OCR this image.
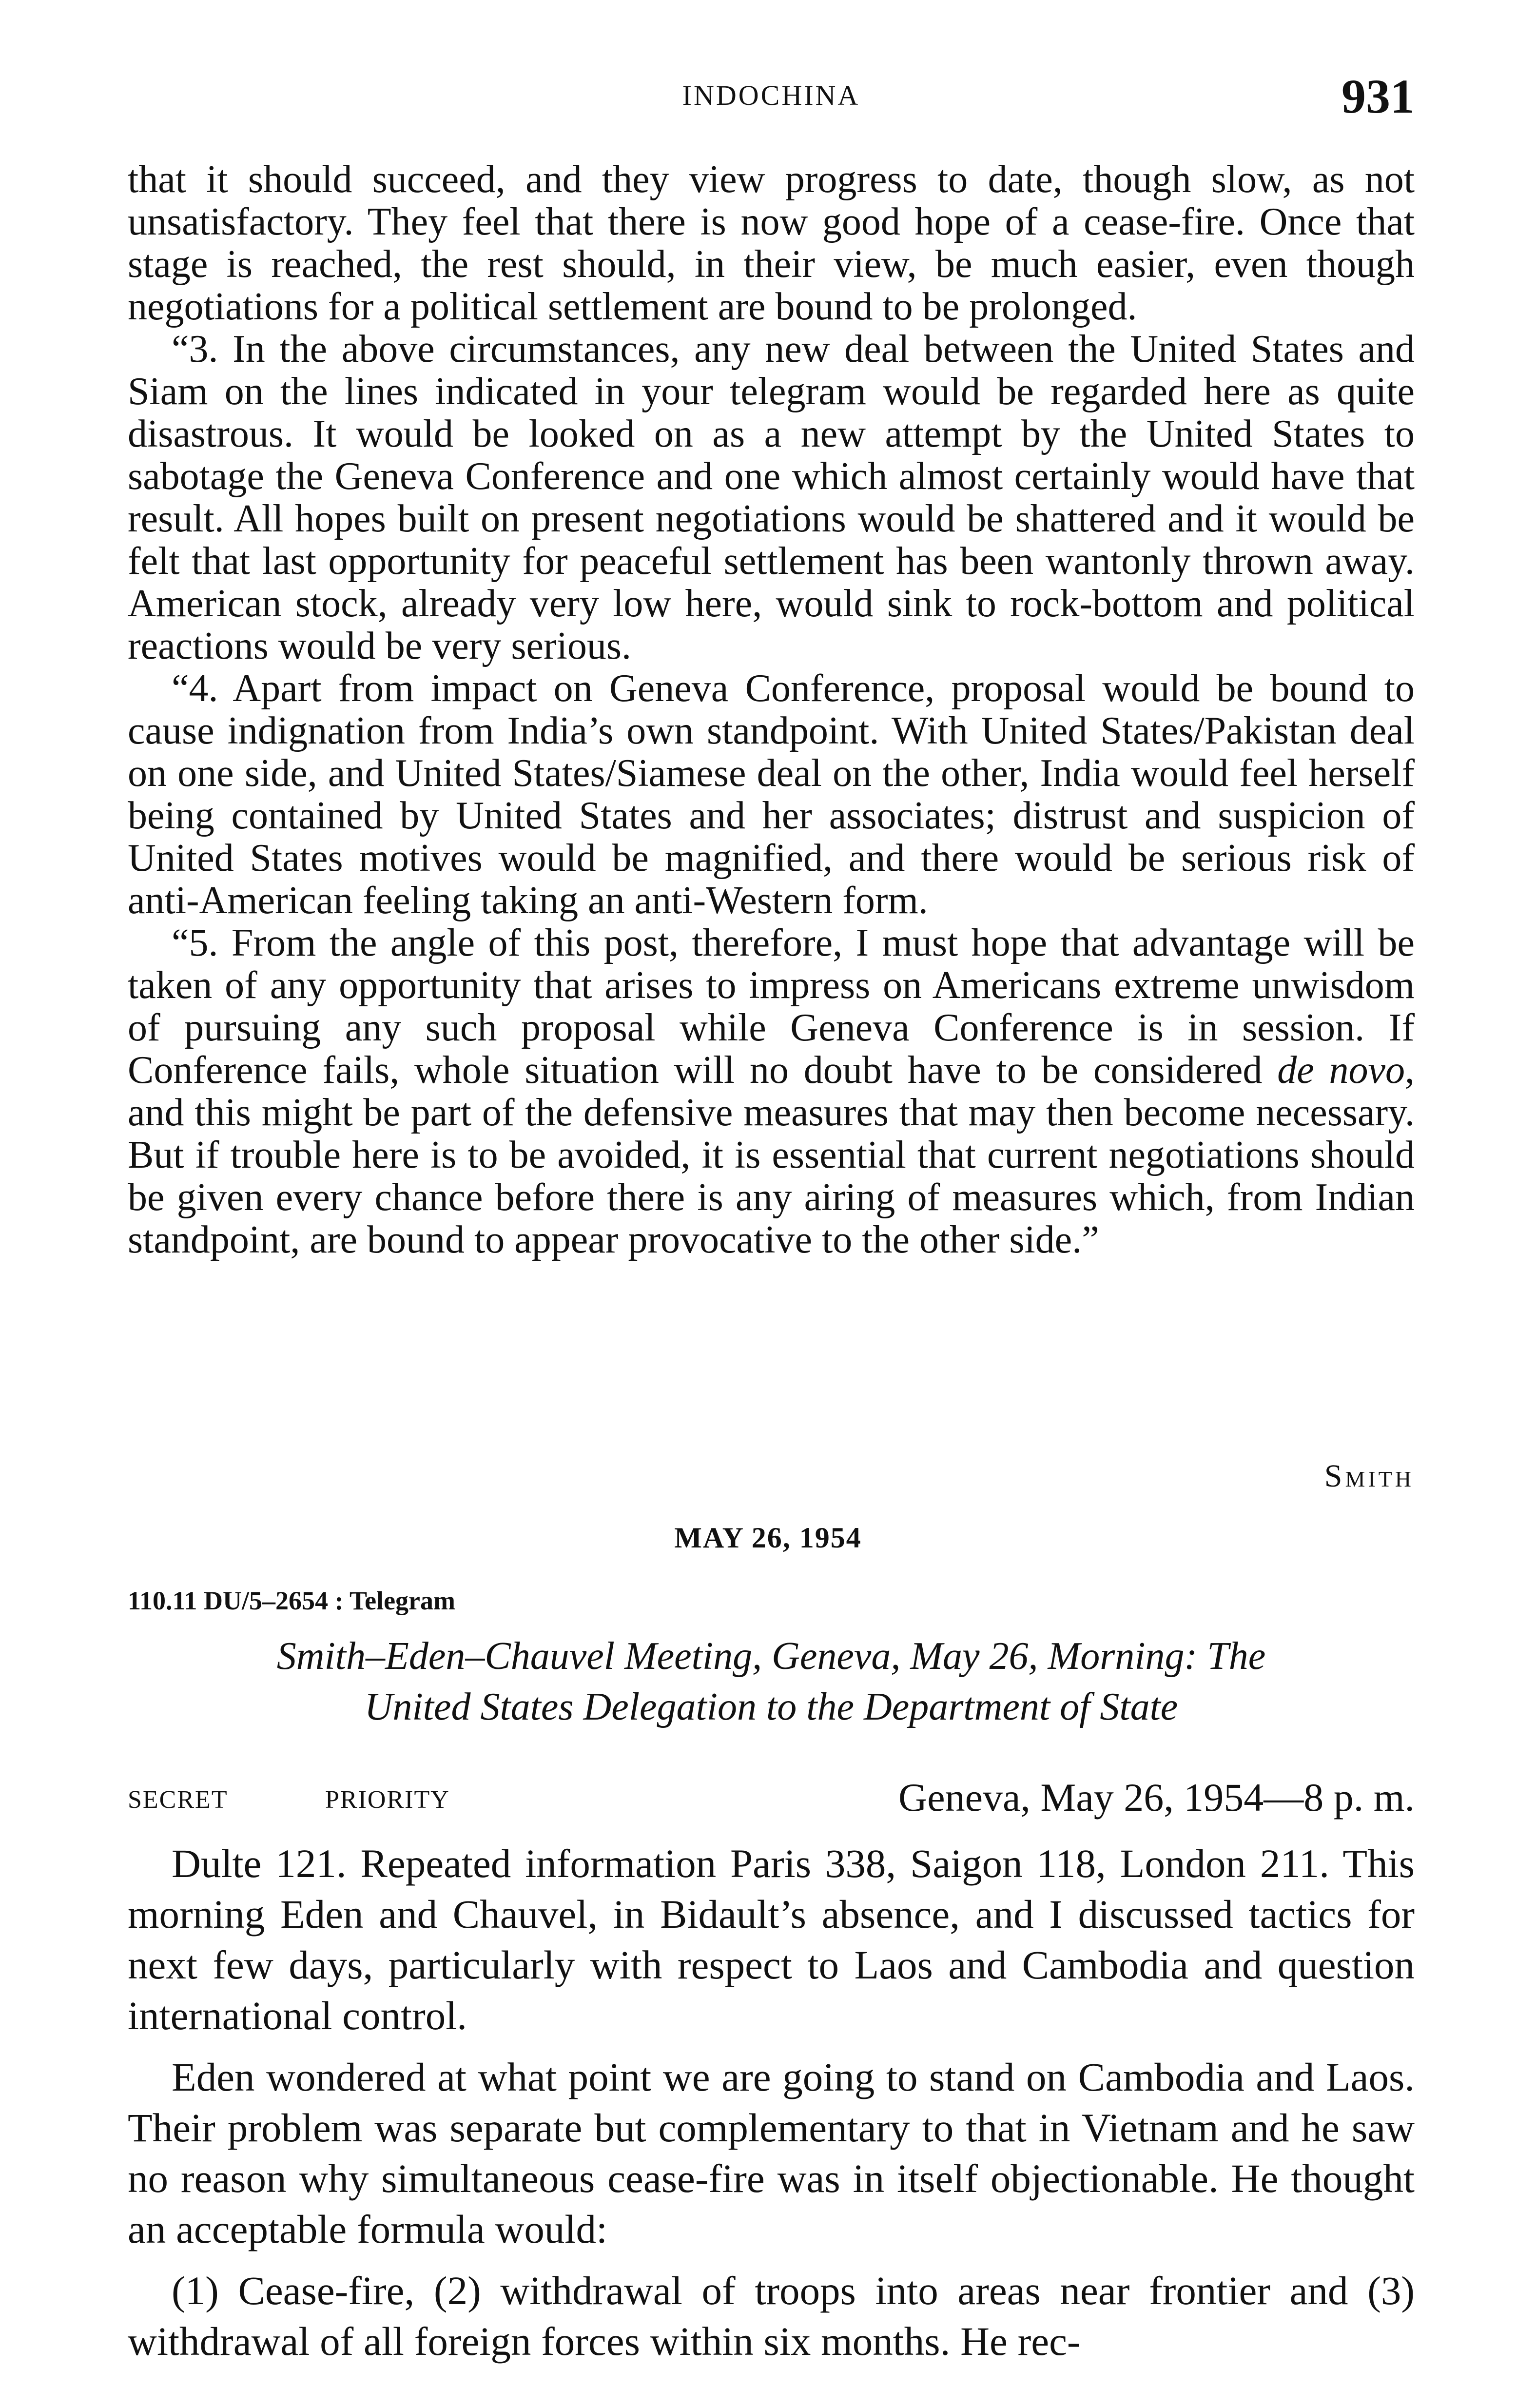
INDOCHINA	931

that it should succeed, and they view progress to date, though slow, as not unsatisfactory. They feel that there is now good hope of a cease-fire. Once that stage is reached, the rest should, in their view, be much easier, even though negotiations for a political settlement are bound to be prolonged.

“3. In the above circumstances, any new deal between the United States and Siam on the lines indicated in your telegram would be regarded here as quite disastrous. It would be looked on as a new attempt by the United States to sabotage the Geneva Conference and one which almost certainly would have that result. All hopes built on present negotiations would be shattered and it would be felt that last opportunity for peaceful settlement has been wantonly thrown away. American stock, already very low here, would sink to rock-bottom and political reactions would be very serious.

“4. Apart from impact on Geneva Conference, proposal would be bound to cause indignation from India’s own standpoint. With United States/Pakistan deal on one side, and United States/Siamese deal on the other, India would feel herself being contained by United States and her associates; distrust and suspicion of United States motives would be magnified, and there would be serious risk of anti-American feeling taking an anti-Western form.

“5. From the angle of this post, therefore, I must hope that advantage will be taken of any opportunity that arises to impress on Americans extreme unwisdom of pursuing any such proposal while Geneva Conference is in session. If Conference fails, whole situation will no doubt have to be considered de novo, and this might be part of the defensive measures that may then become necessary. But if trouble here is to be avoided, it is essential that current negotiations should be given every chance before there is any airing of measures which, from Indian standpoint, are bound to appear provocative to the other side.”

Smith
MAY 26, 1954
110.11 DU/5–2654 : Telegram
Smith–Eden–Chauvel Meeting, Geneva, May 26, Morning: The
United States Delegation to the Department of State
SECRET	PRIORITY	Geneva, May 26, 1954—8 p. m.

Dulte 121. Repeated information Paris 338, Saigon 118, London 211. This morning Eden and Chauvel, in Bidault’s absence, and I discussed tactics for next few days, particularly with respect to Laos and Cambodia and question international control.

Eden wondered at what point we are going to stand on Cambodia and Laos. Their problem was separate but complementary to that in Vietnam and he saw no reason why simultaneous cease-fire was in itself objectionable. He thought an acceptable formula would:

(1) Cease-fire, (2) withdrawal of troops into areas near frontier and (3) withdrawal of all foreign forces within six months. He rec-
